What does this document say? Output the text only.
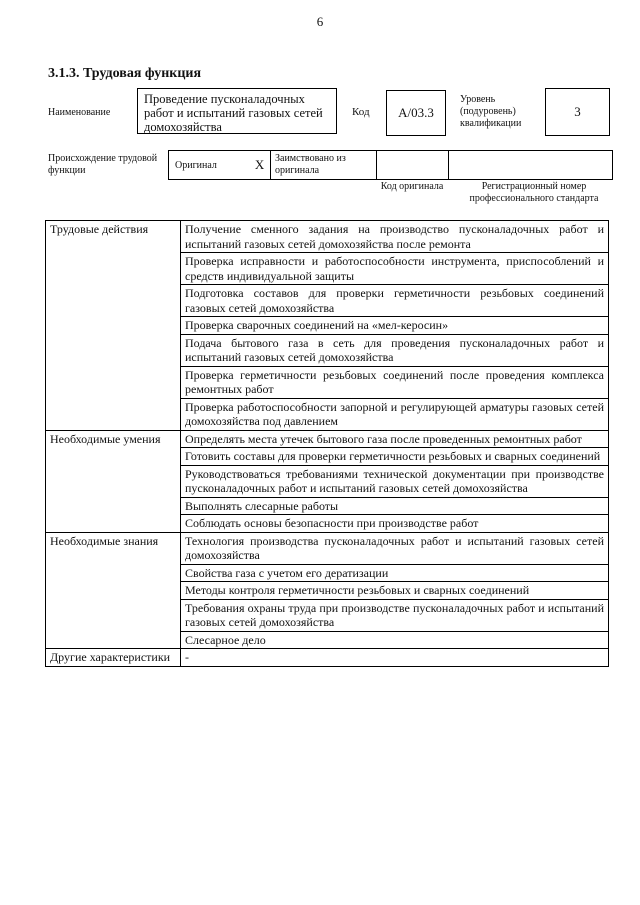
6
3.1.3. Трудовая функция
Наименование
Проведение пусконаладочных работ и испытаний газовых сетей домохозяйства
Код	A/03.3
Уровень (подуровень) квалификации
3
Происхождение трудовой функции	Оригинал	X	Заимствовано из оригинала
Код оригинала	Регистрационный номер профессионального стандарта
Трудовые действия	Получение сменного задания на производство пусконаладочных работ и испытаний газовых сетей домохозяйства после ремонта
	Проверка исправности и работоспособности инструмента, приспособлений и средств индивидуальной защиты
	Подготовка составов для проверки герметичности резьбовых соединений газовых сетей домохозяйства
	Проверка сварочных соединений на «мел-керосин»
	Подача бытового газа в сеть для проведения пусконаладочных работ и испытаний газовых сетей домохозяйства
	Проверка герметичности резьбовых соединений после проведения комплекса ремонтных работ
	Проверка работоспособности запорной и регулирующей арматуры газовых сетей домохозяйства под давлением
Необходимые умения	Определять места утечек бытового газа после проведенных ремонтных работ
	Готовить составы для проверки герметичности резьбовых и сварных соединений
	Руководствоваться требованиями технической документации при производстве пусконаладочных работ и испытаний газовых сетей домохозяйства
	Выполнять слесарные работы
	Соблюдать основы безопасности при производстве работ
Необходимые знания	Технология производства пусконаладочных работ и испытаний газовых сетей домохозяйства
	Свойства газа с учетом его дератизации
	Методы контроля герметичности резьбовых и сварных соединений
	Требования охраны труда при производстве пусконаладочных работ и испытаний газовых сетей домохозяйства
	Слесарное дело
Другие характеристики	-
